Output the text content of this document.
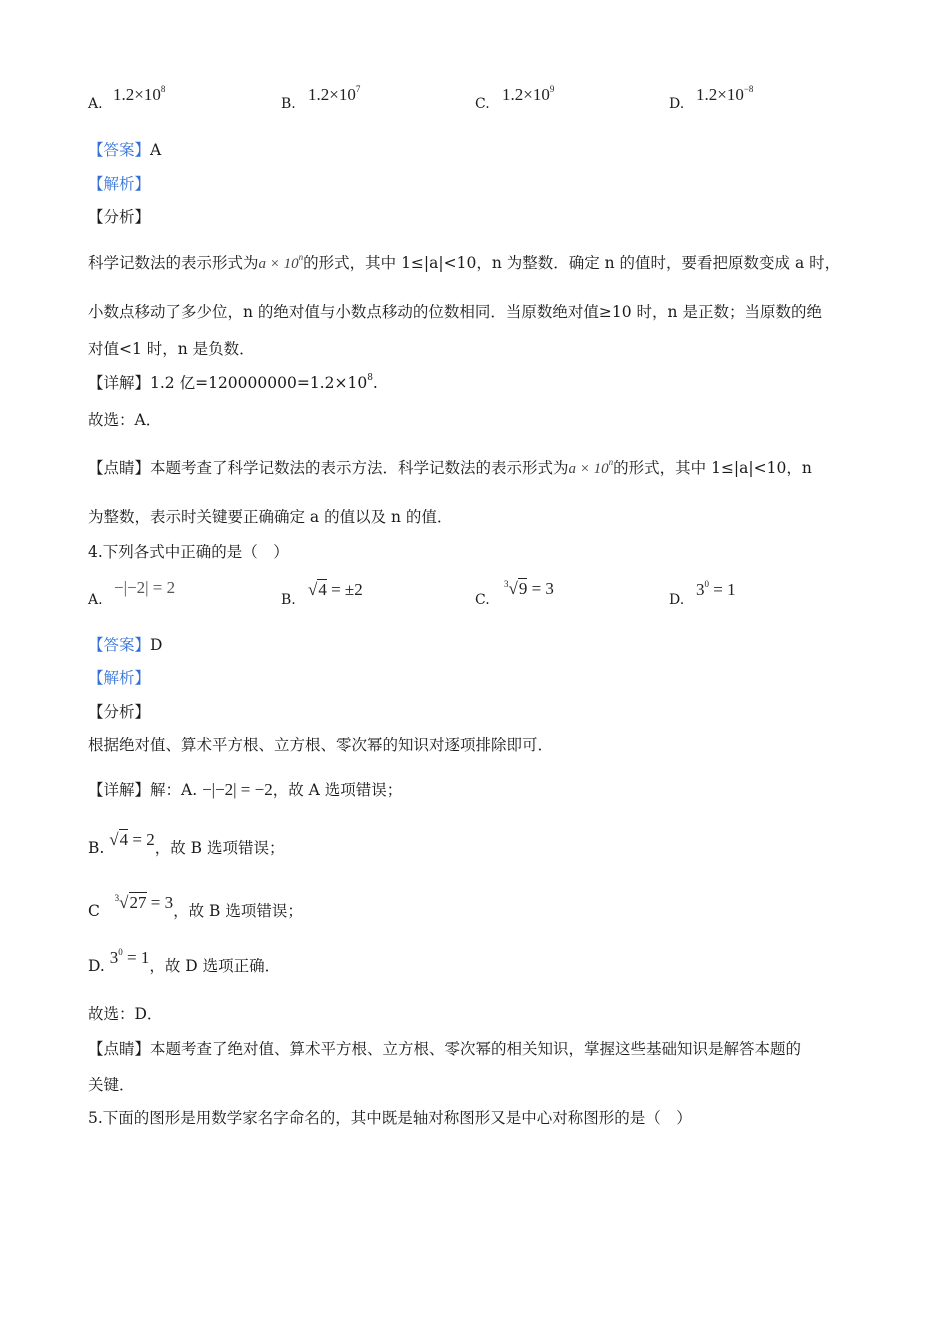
A. $1.2\times 10^8$
B. $1.2\times 10^7$
C. $1.2\times 10^9$
D. $1.2\times 10^{-8}$
【答案】A
【解析】
【分析】
科学记数法的表示形式为$a \times 10^n$的形式，其中 1≤|a|<10，n 为整数．确定 n 的值时，要看把原数变成 a 时，
小数点移动了多少位，n 的绝对值与小数点移动的位数相同．当原数绝对值≥10 时，n 是正数；当原数的绝
对值<1 时，n 是负数．
【详解】1.2 亿$=120000000=1.2\times 10^8$.
故选：A．
【点睛】本题考查了科学记数法的表示方法．科学记数法的表示形式为$a \times 10^n$的形式，其中 1≤|a|<10，n
为整数，表示时关键要正确确定 a 的值以及 n 的值．
4.下列各式中正确的是（　）
A.
−|−2| = 2
B.
√4 = ±2
C.
$^3$√9 = 3
D.
$3^0 = 1$
【答案】D
【解析】
【分析】
根据绝对值、算术平方根、立方根、零次幂的知识对逐项排除即可．
【详解】解：A. −|−2| = −2，故 A 选项错误；
B. √4 = 2，故 B 选项错误；
C   $^3$√27 = 3，故 B 选项错误；
D. $3^0 = 1$，故 D 选项正确．
故选：D．
【点睛】本题考查了绝对值、算术平方根、立方根、零次幂的相关知识，掌握这些基础知识是解答本题的
关键．
5.下面的图形是用数学家名字命名的，其中既是轴对称图形又是中心对称图形的是（　）
